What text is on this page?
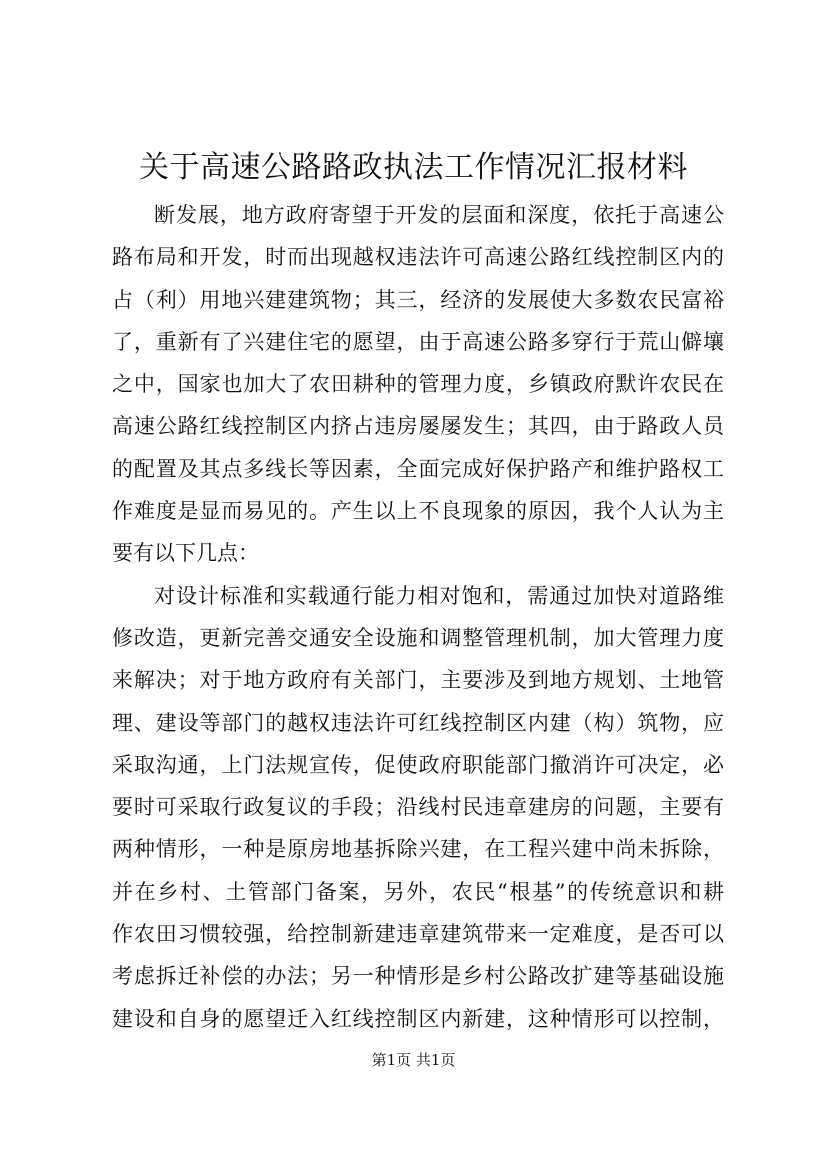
关于高速公路路政执法工作情况汇报材料

断发展，地方政府寄望于开发的层面和深度，依托于高速公
路布局和开发，时而出现越权违法许可高速公路红线控制区内的
占（利）用地兴建建筑物；其三，经济的发展使大多数农民富裕
了，重新有了兴建住宅的愿望，由于高速公路多穿行于荒山僻壤
之中，国家也加大了农田耕种的管理力度，乡镇政府默许农民在
高速公路红线控制区内挤占违房屡屡发生；其四，由于路政人员
的配置及其点多线长等因素，全面完成好保护路产和维护路权工
作难度是显而易见的。产生以上不良现象的原因，我个人认为主
要有以下几点：

对设计标准和实载通行能力相对饱和，需通过加快对道路维
修改造，更新完善交通安全设施和调整管理机制，加大管理力度
来解决；对于地方政府有关部门，主要涉及到地方规划、土地管
理、建设等部门的越权违法许可红线控制区内建（构）筑物，应
采取沟通，上门法规宣传，促使政府职能部门撤消许可决定，必
要时可采取行政复议的手段；沿线村民违章建房的问题，主要有
两种情形，一种是原房地基拆除兴建，在工程兴建中尚未拆除，
并在乡村、土管部门备案，另外，农民“根基”的传统意识和耕
作农田习惯较强，给控制新建违章建筑带来一定难度，是否可以
考虑拆迁补偿的办法；另一种情形是乡村公路改扩建等基础设施
建设和自身的愿望迁入红线控制区内新建，这种情形可以控制，

第1页 共1页
